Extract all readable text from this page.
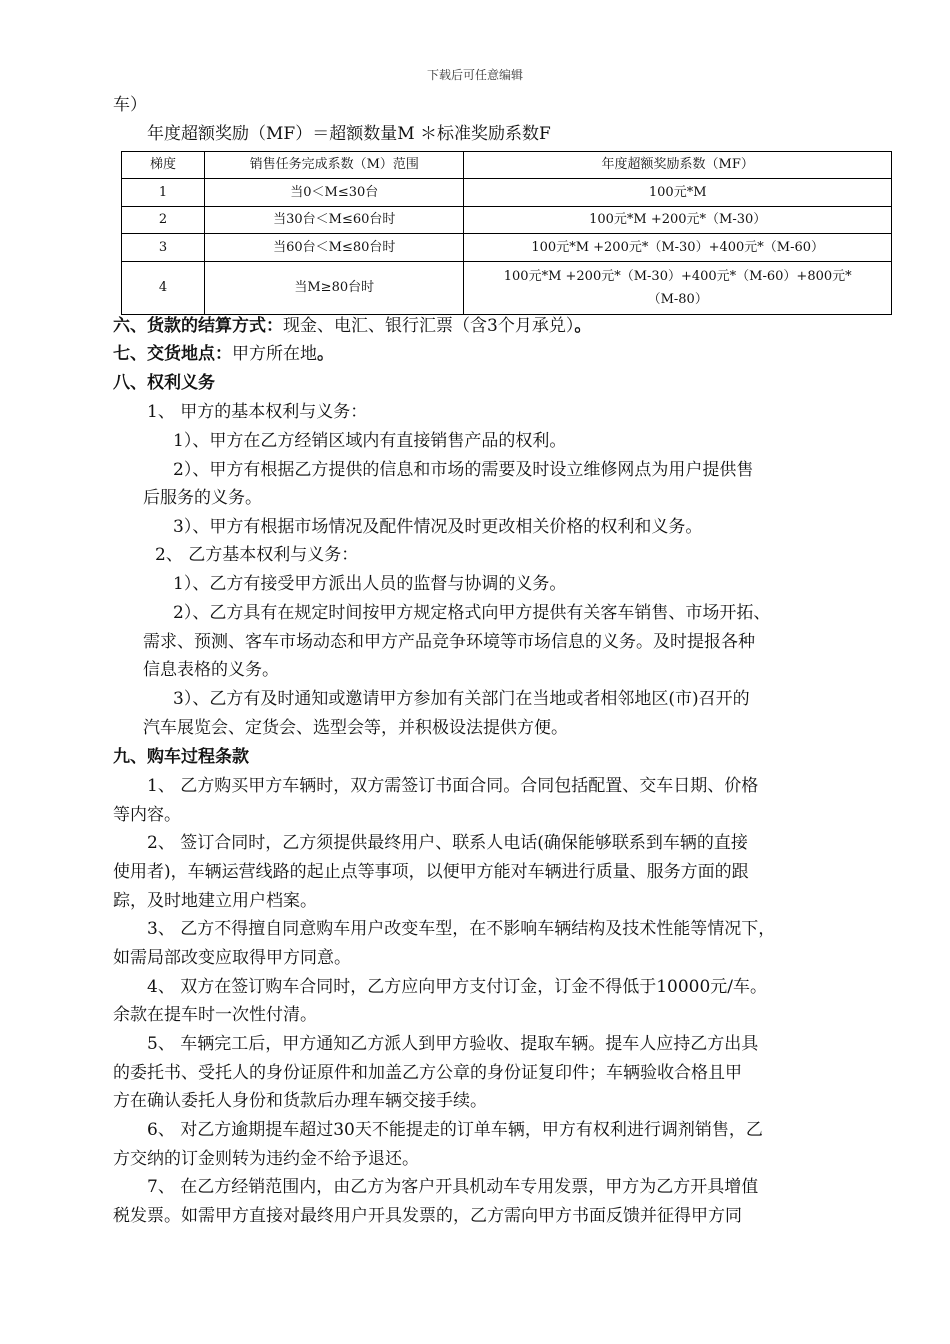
下载后可任意编辑
车）
年度超额奖励（MF）＝超额数量M ＊标准奖励系数F
梯度	销售任务完成系数（M）范围	年度超额奖励系数（MF）
1	当0＜M≤30台	100元*M
2	当30台＜M≤60台时	100元*M +200元*（M-30）
3	当60台＜M≤80台时	100元*M +200元*（M-30）+400元*（M-60）
4	当M≥80台时	100元*M +200元*（M-30）+400元*（M-60）+800元*
（M-80）
六、货款的结算方式：现金、电汇、银行汇票（含3个月承兑）。
七、交货地点：甲方所在地。
八、权利义务
1、 甲方的基本权利与义务：
1）、甲方在乙方经销区域内有直接销售产品的权利。
2）、甲方有根据乙方提供的信息和市场的需要及时设立维修网点为用户提供售
后服务的义务。
3）、甲方有根据市场情况及配件情况及时更改相关价格的权利和义务。
2、 乙方基本权利与义务：
1）、乙方有接受甲方派出人员的监督与协调的义务。
2）、乙方具有在规定时间按甲方规定格式向甲方提供有关客车销售、市场开拓、
需求、预测、客车市场动态和甲方产品竞争环境等市场信息的义务。及时提报各种
信息表格的义务。
3）、乙方有及时通知或邀请甲方参加有关部门在当地或者相邻地区(市)召开的
汽车展览会、定货会、选型会等，并积极设法提供方便。
九、购车过程条款
1、 乙方购买甲方车辆时，双方需签订书面合同。合同包括配置、交车日期、价格
等内容。
2、 签订合同时，乙方须提供最终用户、联系人电话(确保能够联系到车辆的直接
使用者)，车辆运营线路的起止点等事项，以便甲方能对车辆进行质量、服务方面的跟
踪，及时地建立用户档案。
3、 乙方不得擅自同意购车用户改变车型，在不影响车辆结构及技术性能等情况下，
如需局部改变应取得甲方同意。
4、 双方在签订购车合同时，乙方应向甲方支付订金，订金不得低于10000元/车。
余款在提车时一次性付清。
5、 车辆完工后，甲方通知乙方派人到甲方验收、提取车辆。提车人应持乙方出具
的委托书、受托人的身份证原件和加盖乙方公章的身份证复印件；车辆验收合格且甲
方在确认委托人身份和货款后办理车辆交接手续。
6、 对乙方逾期提车超过30天不能提走的订单车辆，甲方有权利进行调剂销售，乙
方交纳的订金则转为违约金不给予退还。
7、 在乙方经销范围内，由乙方为客户开具机动车专用发票，甲方为乙方开具增值
税发票。如需甲方直接对最终用户开具发票的，乙方需向甲方书面反馈并征得甲方同
